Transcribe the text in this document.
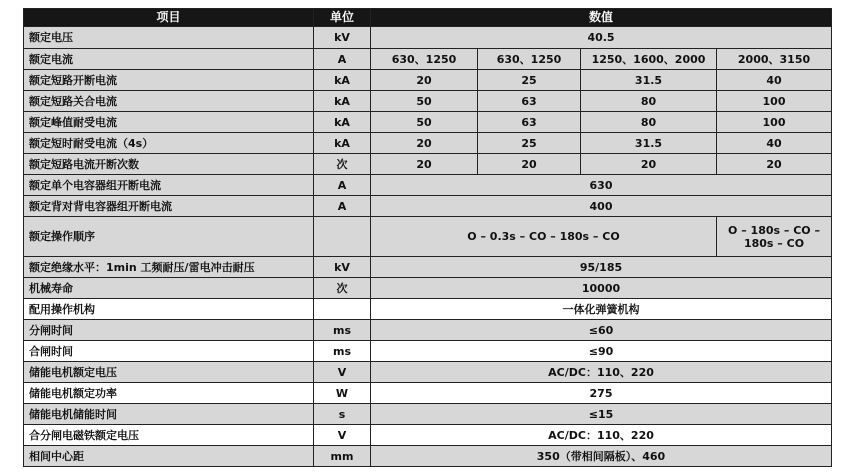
项目	单位	数值			
额定电压	kV	40.5			
额定电流	A	630、1250	630、1250	1250、1600、2000	2000、3150
额定短路开断电流	kA	20	25	31.5	40
额定短路关合电流	kA	50	63	80	100
额定峰值耐受电流	kA	50	63	80	100
额定短时耐受电流（4s）	kA	20	25	31.5	40
额定短路电流开断次数	次	20	20	20	20
额定单个电容器组开断电流	A	630			
额定背对背电容器组开断电流	A	400			
额定操作顺序		O – 0.3s – CO – 180s – CO			O – 180s – CO – 180s – CO
额定绝缘水平：1min 工频耐压/雷电冲击耐压	kV	95/185			
机械寿命	次	10000			
配用操作机构		一体化弹簧机构			
分闸时间	ms	≤60			
合闸时间	ms	≤90			
储能电机额定电压	V	AC/DC：110、220			
储能电机额定功率	W	275			
储能电机储能时间	s	≤15			
合分闸电磁铁额定电压	V	AC/DC：110、220			
相间中心距	mm	350（带相间隔板）、460			
